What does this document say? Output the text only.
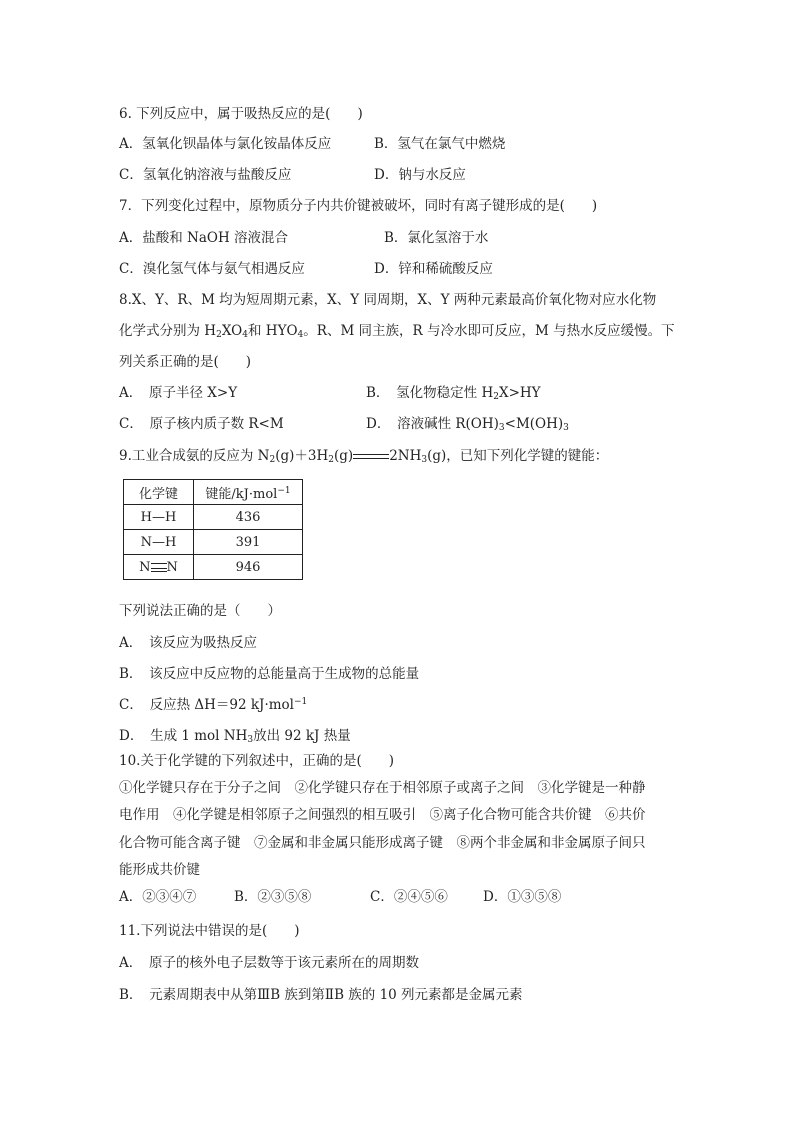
6. 下列反应中，属于吸热反应的是(　　)
A．氢氧化钡晶体与氯化铵晶体反应	B．氢气在氯气中燃烧
C．氢氧化钠溶液与盐酸反应	D．钠与水反应
7．下列变化过程中，原物质分子内共价键被破坏，同时有离子键形成的是(　　)
A．盐酸和 NaOH 溶液混合	B．氯化氢溶于水
C．溴化氢气体与氨气相遇反应	D．锌和稀硫酸反应
8.X、Y、R、M 均为短周期元素，X、Y 同周期，X、Y 两种元素最高价氧化物对应水化物
化学式分别为 $H_2XO_4$和 $HYO_4$。R、M 同主族，R 与冷水即可反应，M 与热水反应缓慢。下
列关系正确的是(　　)
A．　原子半径 X>Y	B．　氢化物稳定性 $H_2X>HY$
C．　原子核内质子数 R<M	D．　溶液碱性 $R(OH)_3<M(OH)_3$
9.工业合成氨的反应为 $N_2(g)+3H_2(g)$	$2NH_3(g)$，已知下列化学键的键能：
化学键	键能/kJ·mol$^{-1}$
H—H	436
N—H	391
N N	946
下列说法正确的是（　　）
A．　该反应为吸热反应
B．　该反应中反应物的总能量高于生成物的总能量
C．　反应热 ΔH＝92 kJ·mol$^{-1}$
D．　生成 1 mol $NH_3$放出 92 kJ 热量
10.关于化学键的下列叙述中，正确的是(　　)
①化学键只存在于分子之间　②化学键只存在于相邻原子或离子之间　③化学键是一种静
电作用　④化学键是相邻原子之间强烈的相互吸引　⑤离子化合物可能含共价键　⑥共价
化合物可能含离子键　⑦金属和非金属只能形成离子键　⑧两个非金属和非金属原子间只
能形成共价键
A．②③④⑦	B．②③⑤⑧	C．②④⑤⑥	D．①③⑤⑧
11.下列说法中错误的是(　　)
A．　原子的核外电子层数等于该元素所在的周期数
B．　元素周期表中从第ⅢB 族到第ⅡB 族的 10 列元素都是金属元素
